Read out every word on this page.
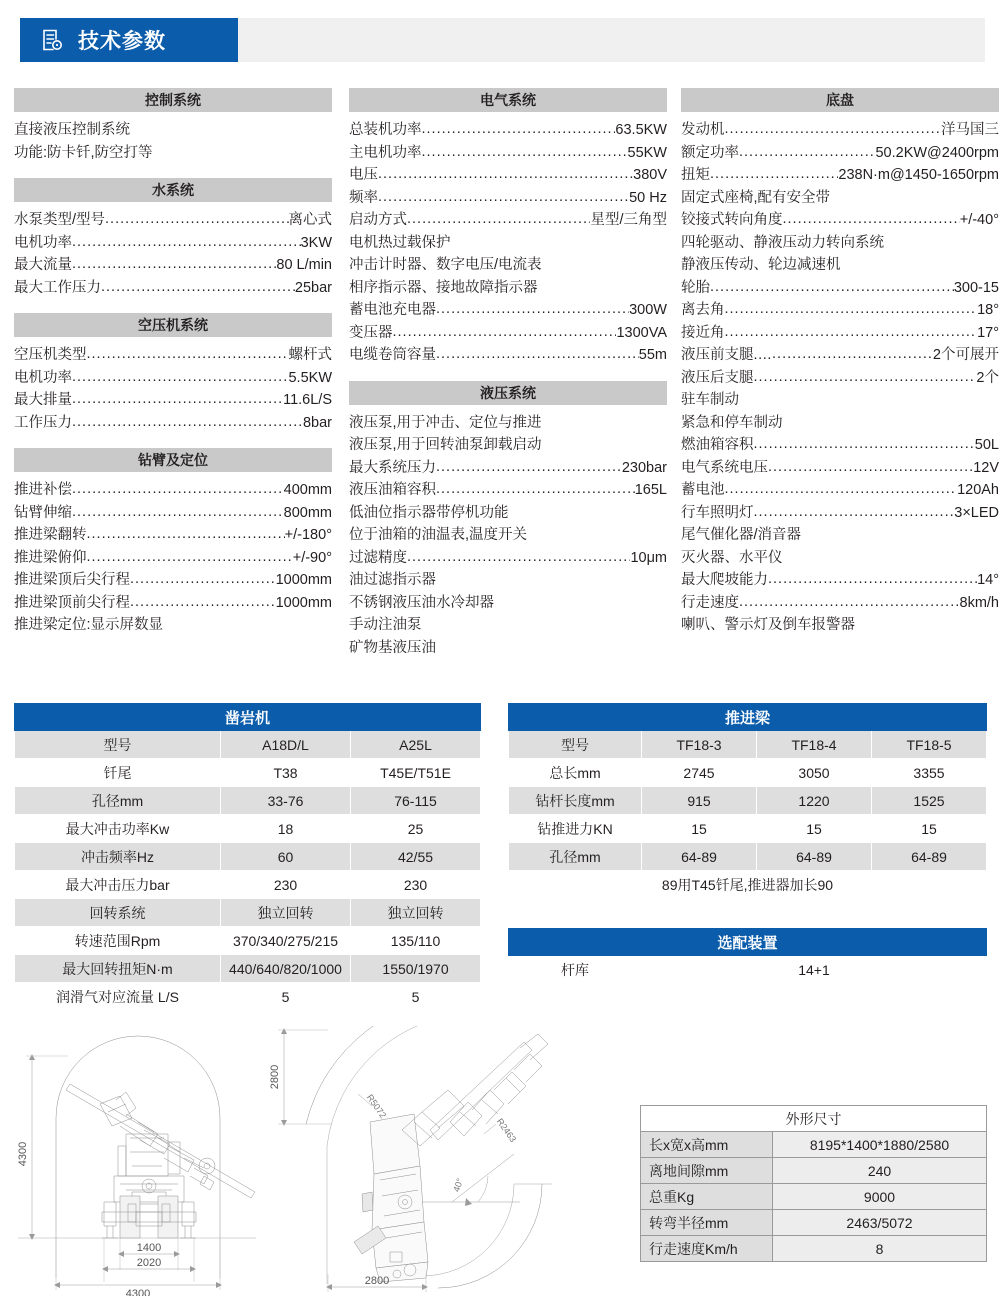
技术参数
控制系统
直接液压控制系统
功能:防卡钎,防空打等
水系统
水泵类型/型号 .....	离心式
电机功率 .....	3KW
最大流量 .....	80 L/min
最大工作压力 .....	25bar
空压机系统
空压机类型 .....	螺杆式
电机功率 .....	5.5KW
最大排量 .....	11.6L/S
工作压力 .....	8bar
钻臂及定位
推进补偿 .....	400mm
钻臂伸缩 .....	800mm
推进梁翻转 .....	+/-180°
推进梁俯仰 .....	+/-90°
推进梁顶后尖行程 .....	1000mm
推进梁顶前尖行程 .....	1000mm
推进梁定位:显示屏数显
电气系统
总装机功率 .....	63.5KW
主电机功率 .....	55KW
电压 .....	380V
频率 .....	50 Hz
启动方式 .....	星型/三角型
电机热过载保护
冲击计时器、数字电压/电流表
相序指示器、接地故障指示器
蓄电池充电器 .....	300W
变压器 .....	1300VA
电缆卷筒容量 .....	55m
液压系统
液压泵,用于冲击、定位与推进
液压泵,用于回转油泵卸载启动
最大系统压力 .....	230bar
液压油箱容积 .....	165L
低油位指示器带停机功能
位于油箱的油温表,温度开关
过滤精度 .....	10μm
油过滤指示器
不锈钢液压油水冷却器
手动注油泵
矿物基液压油
底盘
发动机 .....	洋马国三
额定功率 .....	50.2KW@2400rpm
扭矩 .....	238N·m@1450-1650rpm
固定式座椅,配有安全带
铰接式转向角度 .....	+/-40°
四轮驱动、静液压动力转向系统
静液压传动、轮边减速机
轮胎 .....	300-15
离去角 .....	18°
接近角 .....	17°
液压前支腿.… .....	2个可展开
液压后支腿 .....	2个
驻车制动
紧急和停车制动
燃油箱容积 .....	50L
电气系统电压 .....	12V
蓄电池 .....	120Ah
行车照明灯 .....	3×LED
尾气催化器/消音器
灭火器、水平仪
最大爬坡能力 .....	14°
行走速度 .....	8km/h
喇叭、警示灯及倒车报警器
凿岩机		
型号	A18D/L	A25L
钎尾	T38	T45E/T51E
孔径mm	33-76	76-115
最大冲击功率Kw	18	25
冲击频率Hz	60	42/55
最大冲击压力bar	230	230
回转系统	独立回转	独立回转
转速范围Rpm	370/340/275/215	135/110
最大回转扭矩N·m	440/640/820/1000	1550/1970
润滑气对应流量 L/S	5	5
推进梁			
型号	TF18-3	TF18-4	TF18-5
总长mm	2745	3050	3355
钻杆长度mm	915	1220	1525
钻推进力KN	15	15	15
孔径mm	64-89	64-89	64-89
89用T45钎尾,推进器加长90			
选配装置
杆库	14+1
外形尺寸	
长x宽x高mm	8195*1400*1880/2580
离地间隙mm	240
总重Kg	9000
转弯半径mm	2463/5072
行走速度Km/h	8
4300
1400
2020
4300
2800
2800
R5072
R2463
40°
